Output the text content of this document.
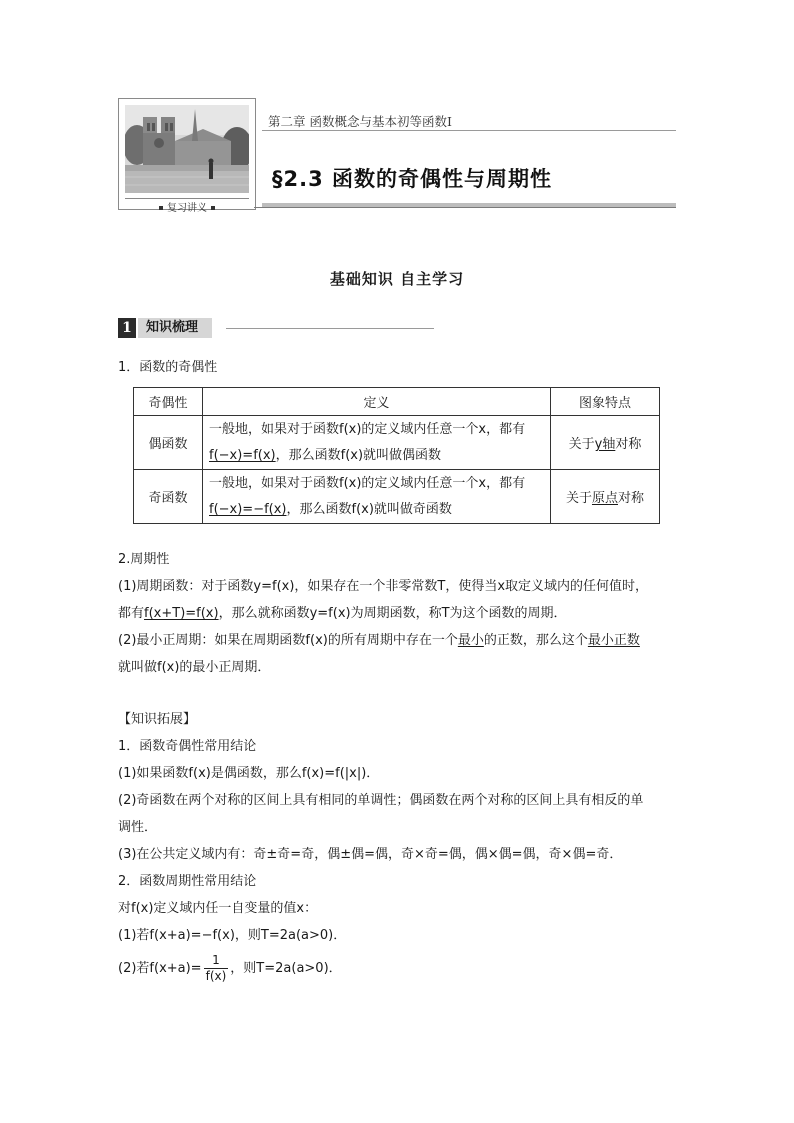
复习讲义
第二章 函数概念与基本初等函数Ⅰ
§2.3 函数的奇偶性与周期性
基础知识 自主学习
1	知识梳理
1．函数的奇偶性
奇偶性	定义	图象特点
偶函数	一般地，如果对于函数f(x)的定义域内任意一个x，都有
f(−x)=f(x)，那么函数f(x)就叫做偶函数	关于y轴对称
奇函数	一般地，如果对于函数f(x)的定义域内任意一个x，都有
f(−x)=−f(x)，那么函数f(x)就叫做奇函数	关于原点对称
2.周期性
(1)周期函数：对于函数y=f(x)，如果存在一个非零常数T，使得当x取定义域内的任何值时，
都有f(x+T)=f(x)，那么就称函数y=f(x)为周期函数，称T为这个函数的周期．
(2)最小正周期：如果在周期函数f(x)的所有周期中存在一个最小的正数，那么这个最小正数
就叫做f(x)的最小正周期．
【知识拓展】
1．函数奇偶性常用结论
(1)如果函数f(x)是偶函数，那么f(x)=f(|x|)．
(2)奇函数在两个对称的区间上具有相同的单调性；偶函数在两个对称的区间上具有相反的单
调性．
(3)在公共定义域内有：奇±奇=奇，偶±偶=偶，奇×奇=偶，偶×偶=偶，奇×偶=奇．
2．函数周期性常用结论
对f(x)定义域内任一自变量的值x：
(1)若f(x+a)=−f(x)，则T=2a(a>0)．
(2)若$f(x+a)= \frac{1}{f(x)}$ ，则T=2a(a>0)．
